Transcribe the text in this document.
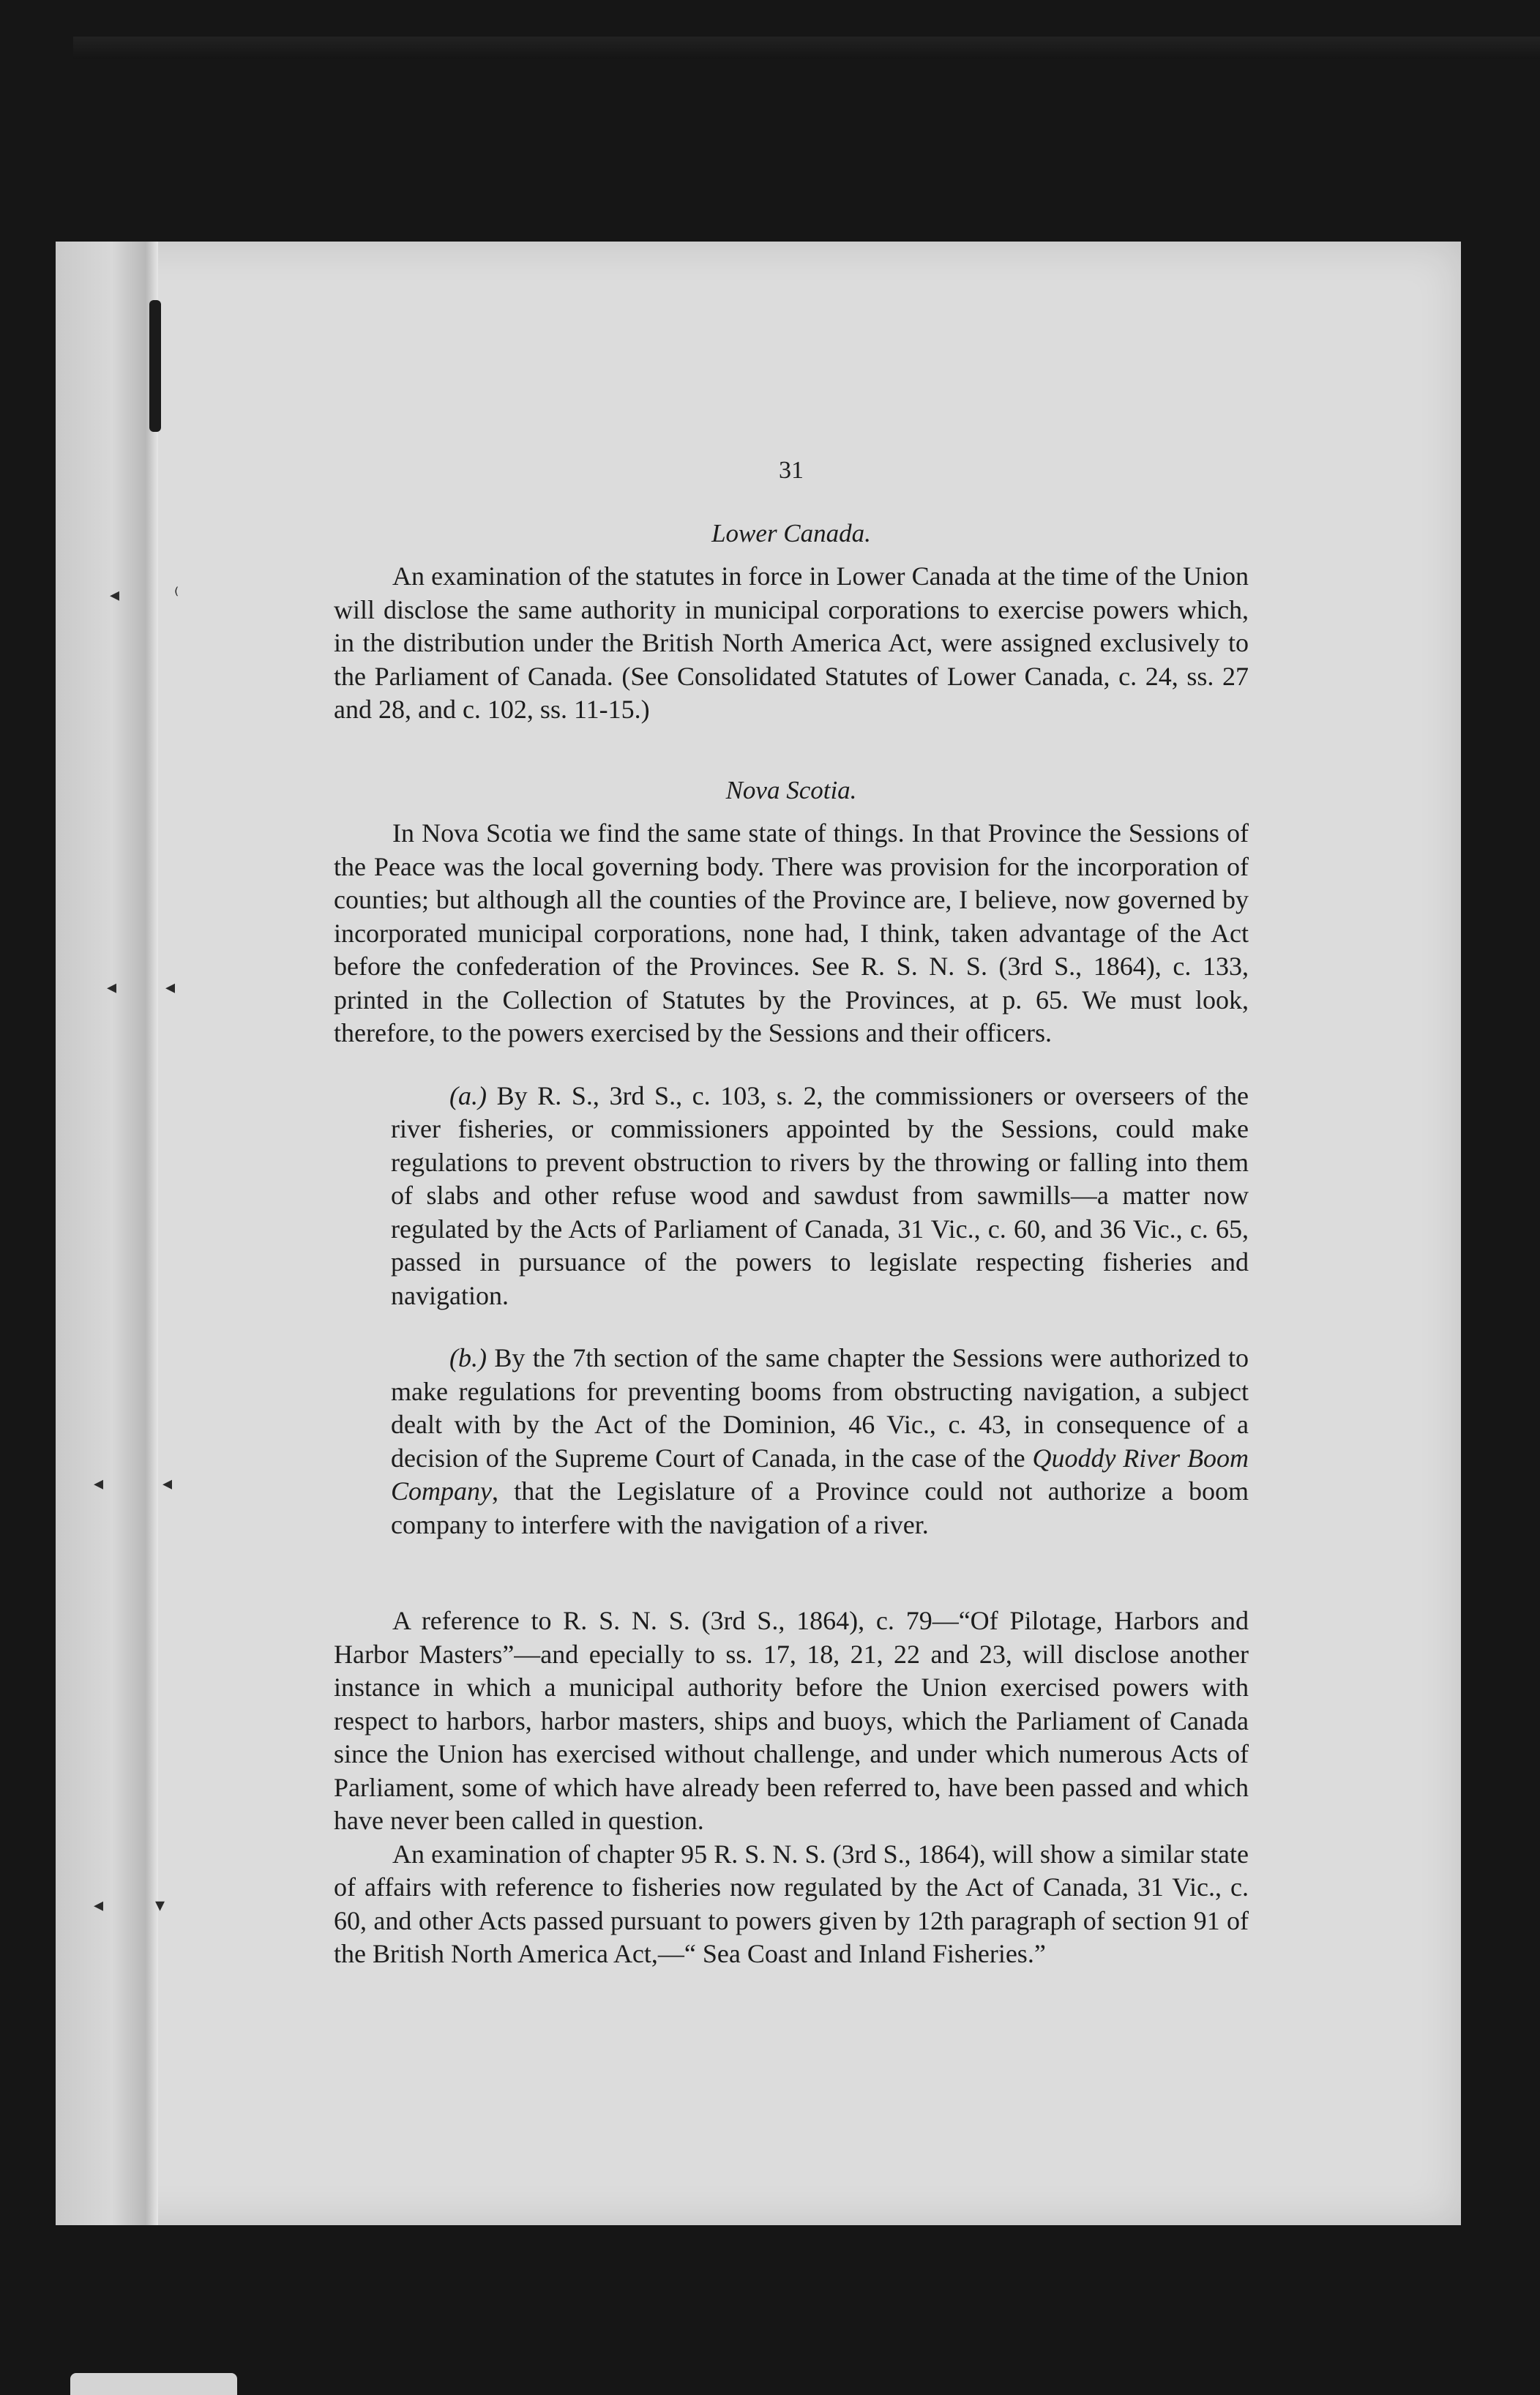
◂	⁽
◂	◂
◂	◂
◂	▾
31
Lower Canada.

An examination of the statutes in force in Lower Canada at the time of the Union will disclose the same authority in municipal corporations to exercise powers which, in the distribution under the British North America Act, were assigned exclusively to the Parliament of Canada. (See Consolidated Statutes of Lower Canada, c. 24, ss. 27 and 28, and c. 102, ss. 11-15.)

Nova Scotia.

In Nova Scotia we find the same state of things. In that Province the Sessions of the Peace was the local governing body. There was provision for the incorporation of counties; but although all the counties of the Province are, I believe, now governed by incorporated municipal corporations, none had, I think, taken advantage of the Act before the confederation of the Provinces. See R. S. N. S. (3rd S., 1864), c. 133, printed in the Collection of Statutes by the Provinces, at p. 65. We must look, therefore, to the powers exercised by the Sessions and their officers.

(a.) By R. S., 3rd S., c. 103, s. 2, the commissioners or overseers of the river fisheries, or commissioners appointed by the Sessions, could make regulations to prevent obstruction to rivers by the throwing or falling into them of slabs and other refuse wood and sawdust from sawmills—a matter now regulated by the Acts of Parliament of Canada, 31 Vic., c. 60, and 36 Vic., c. 65, passed in pursuance of the powers to legislate respecting fisheries and navigation.

(b.) By the 7th section of the same chapter the Sessions were authorized to make regulations for preventing booms from obstructing navigation, a subject dealt with by the Act of the Dominion, 46 Vic., c. 43, in consequence of a decision of the Supreme Court of Canada, in the case of the Quoddy River Boom Company, that the Legislature of a Province could not authorize a boom company to interfere with the navigation of a river.

A reference to R. S. N. S. (3rd S., 1864), c. 79—“Of Pilotage, Harbors and Harbor Masters”—and epecially to ss. 17, 18, 21, 22 and 23, will disclose another instance in which a municipal authority before the Union exercised powers with respect to harbors, harbor masters, ships and buoys, which the Parliament of Canada since the Union has exercised without challenge, and under which numerous Acts of Parliament, some of which have already been referred to, have been passed and which have never been called in question.

An examination of chapter 95 R. S. N. S. (3rd S., 1864), will show a similar state of affairs with reference to fisheries now regulated by the Act of Canada, 31 Vic., c. 60, and other Acts passed pursuant to powers given by 12th paragraph of section 91 of the British North America Act,—“ Sea Coast and Inland Fisheries.”
